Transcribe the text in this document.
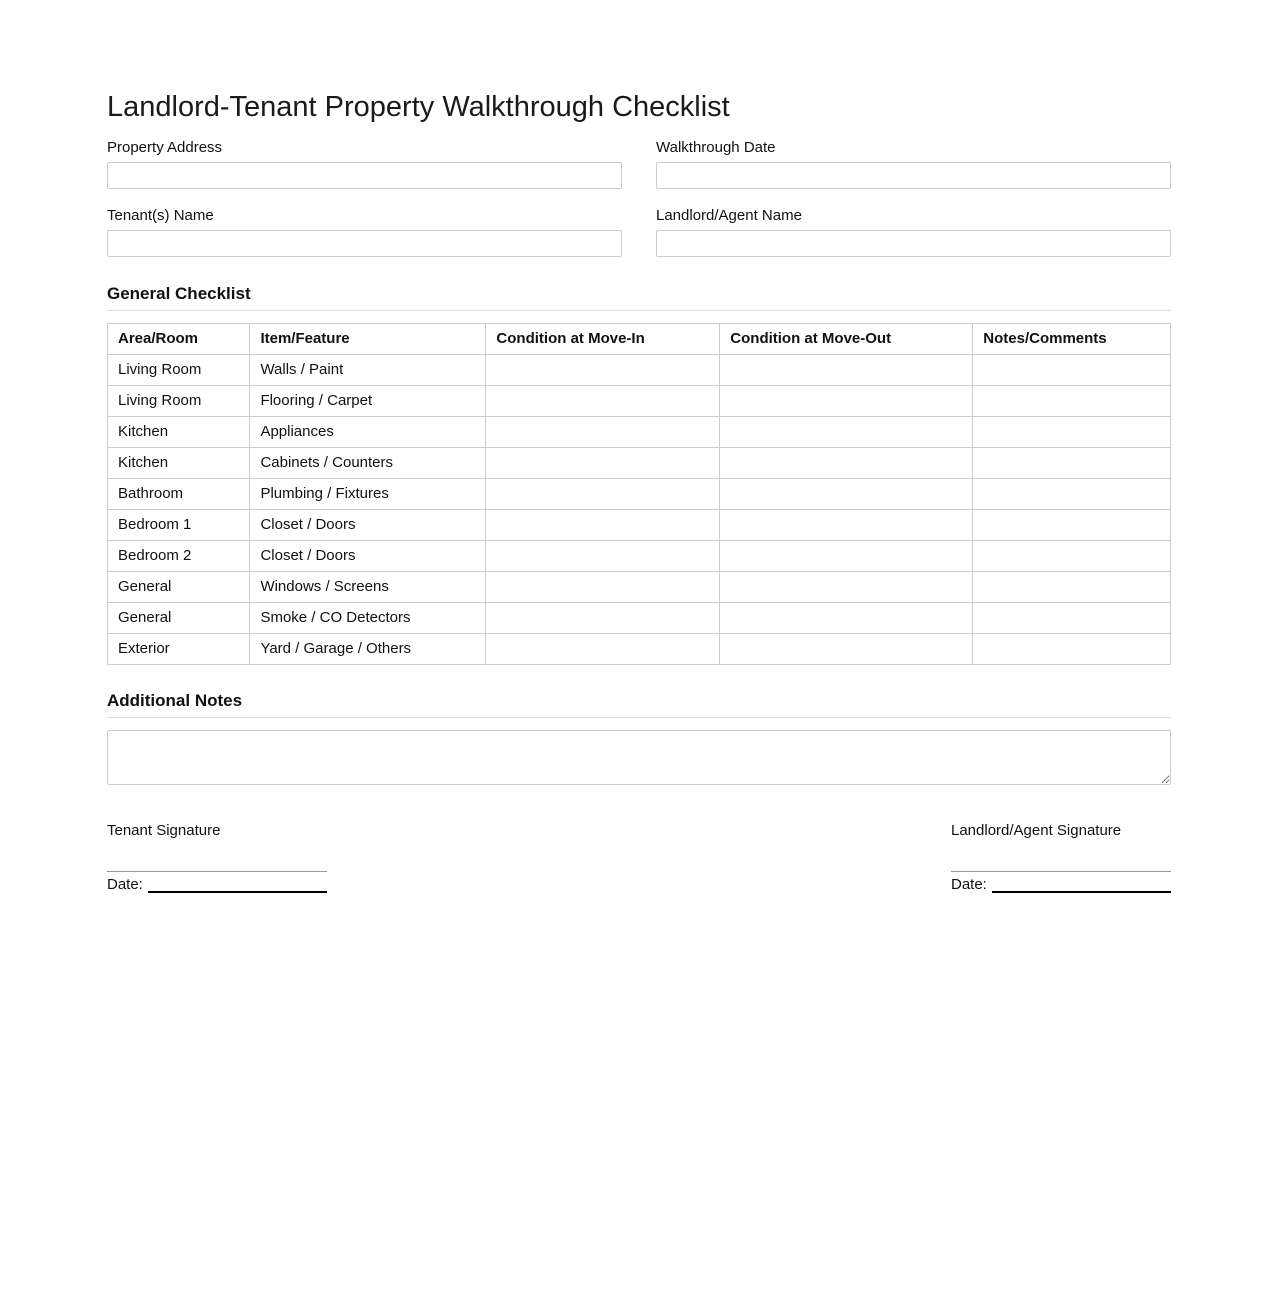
Landlord-Tenant Property Walkthrough Checklist
Property Address	Walkthrough Date
Tenant(s) Name	Landlord/Agent Name
General Checklist
Area/Room	Item/Feature	Condition at Move-In	Condition at Move-Out	Notes/Comments
Living Room	Walls / Paint			
Living Room	Flooring / Carpet			
Kitchen	Appliances			
Kitchen	Cabinets / Counters			
Bathroom	Plumbing / Fixtures			
Bedroom 1	Closet / Doors			
Bedroom 2	Closet / Doors			
General	Windows / Screens			
General	Smoke / CO Detectors			
Exterior	Yard / Garage / Others			
Additional Notes
Tenant Signature
Date:
Landlord/Agent Signature
Date:
